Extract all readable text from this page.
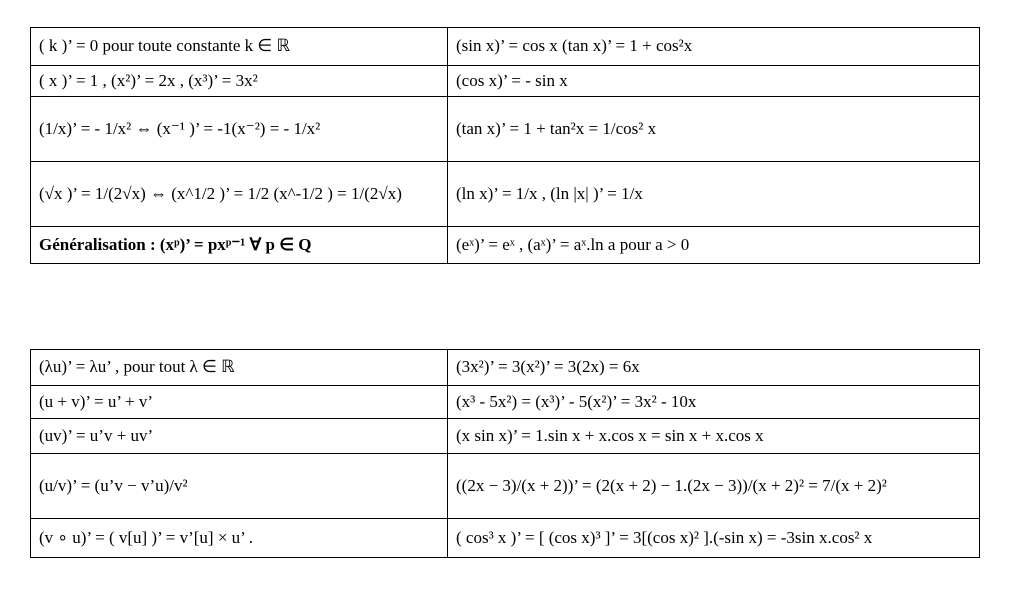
( k )’ = 0 pour toute constante k ∈ ℝ	(sin x)’ = cos x (tan x)’ = 1 + cos²x
( x )’ = 1 , (x²)’ = 2x , (x³)’ = 3x²	(cos x)’ = - sin x
(1/x)’ = - 1/x² ⇔ (x⁻¹ )’ = -1(x⁻²) = - 1/x²	(tan x)’ = 1 + tan²x = 1/cos² x
(√x )’ = 1/(2√x) ⇔ (x^1/2 )’ = 1/2 (x^-1/2 ) = 1/(2√x)	(ln x)’ = 1/x , (ln |x| )’ = 1/x
Généralisation : (xᵖ)’ = pxᵖ⁻¹ ∀ p ∈ Q	(eˣ)’ = eˣ , (aˣ)’ = aˣ.ln a pour a > 0
(λu)’ = λu’ , pour tout λ ∈ ℝ	(3x²)’ = 3(x²)’ = 3(2x) = 6x
(u + v)’ = u’ + v’	(x³ - 5x²) = (x³)’ - 5(x²)’ = 3x² - 10x
(uv)’ = u’v + uv’	(x sin x)’ = 1.sin x + x.cos x = sin x + x.cos x
(u/v)’ = (u’v − v’u)/v²	((2x − 3)/(x + 2))’ = (2(x + 2) − 1.(2x − 3))/(x + 2)² = 7/(x + 2)²
(v ∘ u)’ = ( v[u] )’ = v’[u] × u’ .	( cos³ x )’ = [ (cos x)³ ]’ = 3[(cos x)² ].(-sin x) = -3sin x.cos² x
